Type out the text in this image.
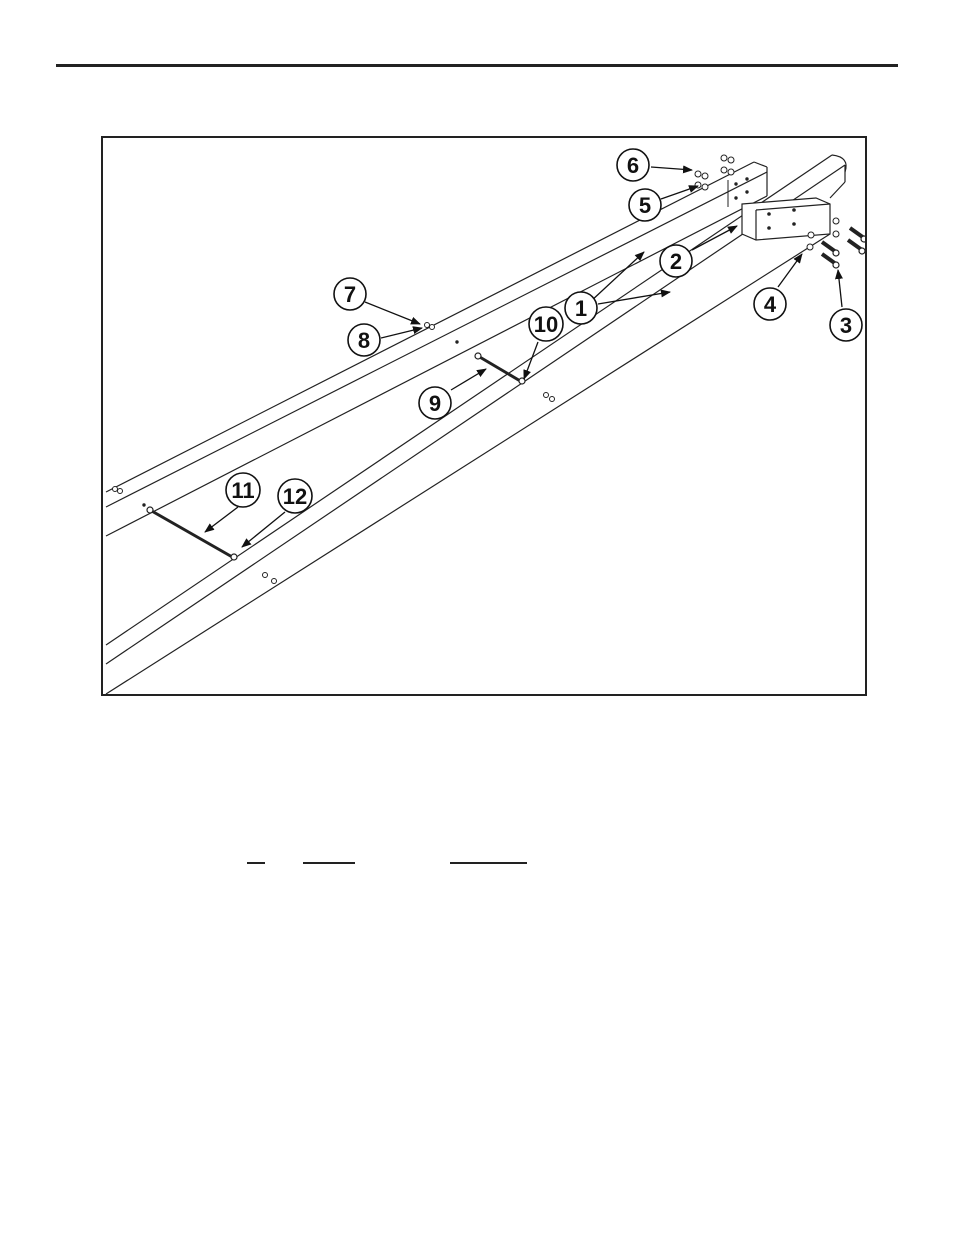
1
2
3
4
5
6
7
8
9
10
11 12
